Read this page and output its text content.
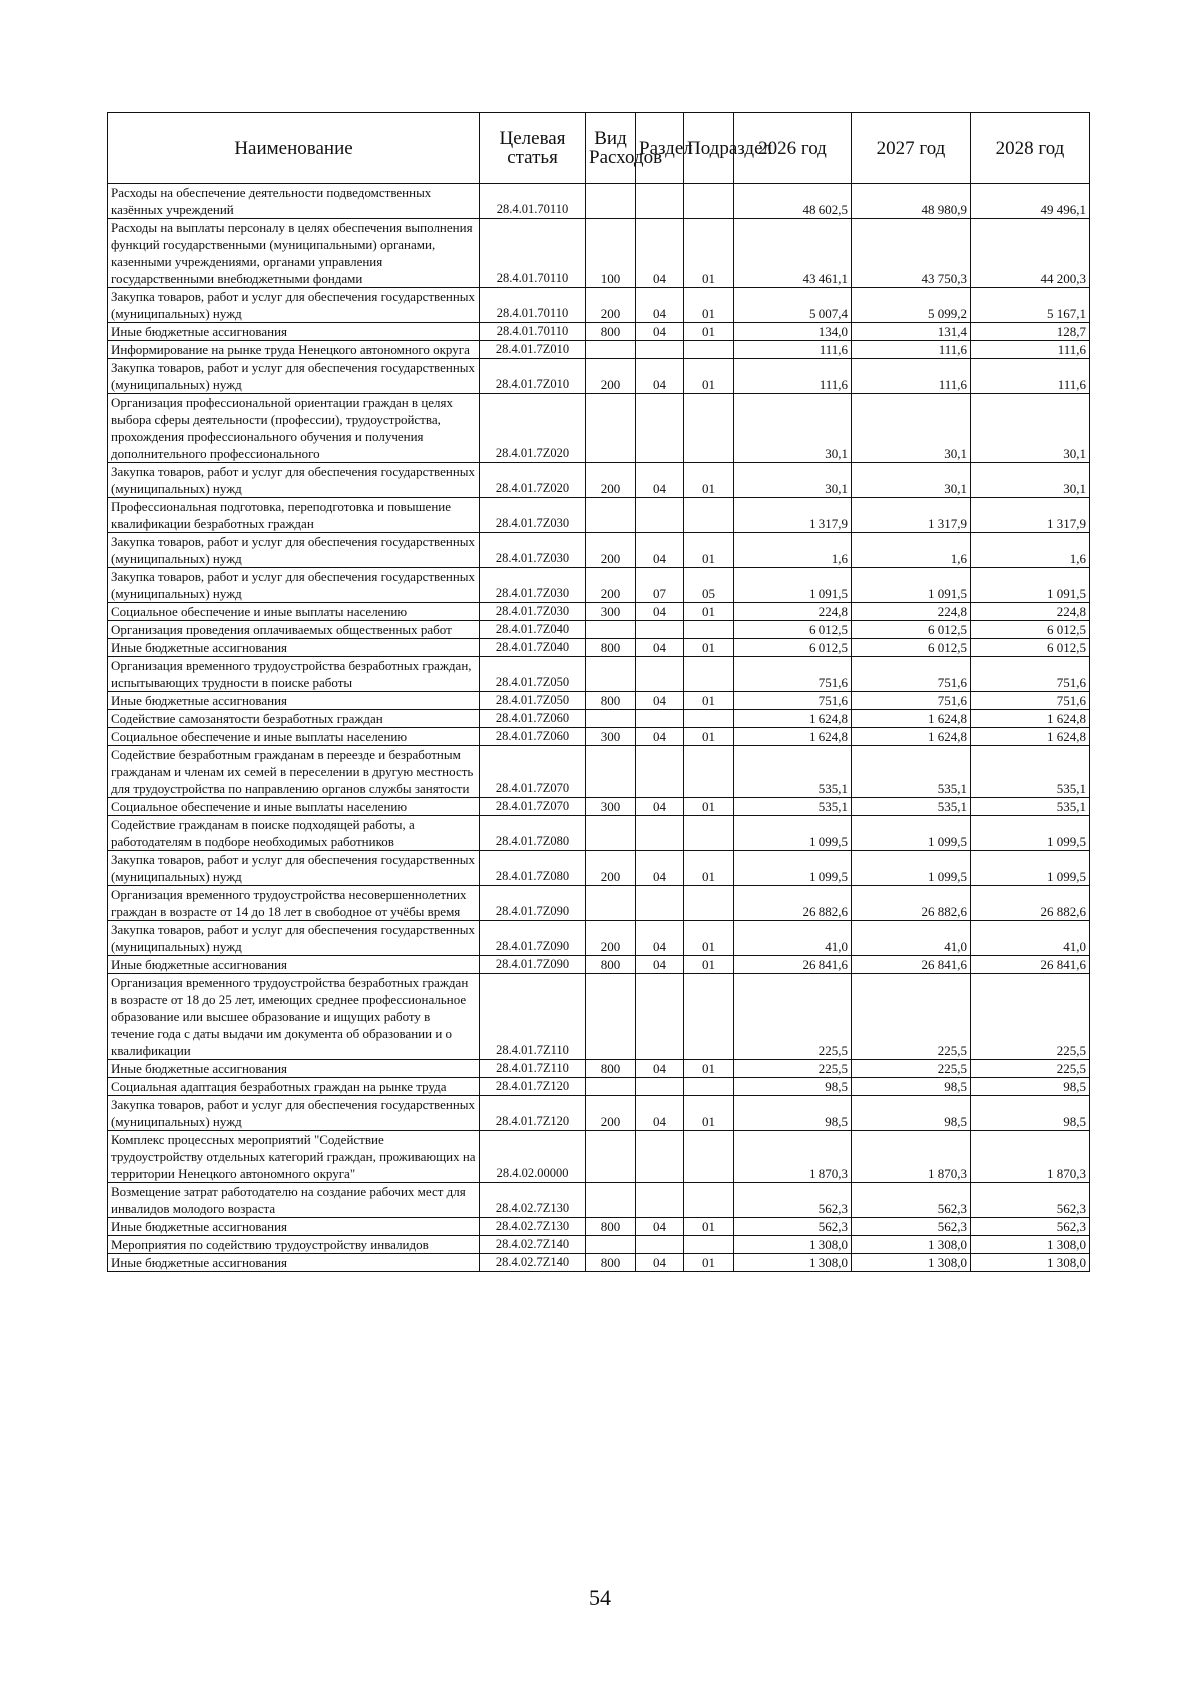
Наименование	Целевая статья	Вид Расходов	Раздел	Подраздел	2026 год	2027 год	2028 год
Расходы на обеспечение деятельности подведомственных казённых учреждений	28.4.01.70110				48 602,5	48 980,9	49 496,1
Расходы на выплаты персоналу в целях обеспечения выполнения функций государственными (муниципальными) органами, казенными учреждениями, органами управления государственными внебюджетными фондами	28.4.01.70110	100	04	01	43 461,1	43 750,3	44 200,3
Закупка товаров, работ и услуг для обеспечения государственных (муниципальных) нужд	28.4.01.70110	200	04	01	5 007,4	5 099,2	5 167,1
Иные бюджетные ассигнования	28.4.01.70110	800	04	01	134,0	131,4	128,7
Информирование на рынке труда Ненецкого автономного округа	28.4.01.7Z010				111,6	111,6	111,6
Закупка товаров, работ и услуг для обеспечения государственных (муниципальных) нужд	28.4.01.7Z010	200	04	01	111,6	111,6	111,6
Организация профессиональной ориентации граждан в целях выбора сферы деятельности (профессии), трудоустройства, прохождения профессионального обучения и получения дополнительного профессионального	28.4.01.7Z020				30,1	30,1	30,1
Закупка товаров, работ и услуг для обеспечения государственных (муниципальных) нужд	28.4.01.7Z020	200	04	01	30,1	30,1	30,1
Профессиональная подготовка, переподготовка и повышение квалификации безработных граждан	28.4.01.7Z030				1 317,9	1 317,9	1 317,9
Закупка товаров, работ и услуг для обеспечения государственных (муниципальных) нужд	28.4.01.7Z030	200	04	01	1,6	1,6	1,6
Закупка товаров, работ и услуг для обеспечения государственных (муниципальных) нужд	28.4.01.7Z030	200	07	05	1 091,5	1 091,5	1 091,5
Социальное обеспечение и иные выплаты населению	28.4.01.7Z030	300	04	01	224,8	224,8	224,8
Организация проведения оплачиваемых общественных работ	28.4.01.7Z040				6 012,5	6 012,5	6 012,5
Иные бюджетные ассигнования	28.4.01.7Z040	800	04	01	6 012,5	6 012,5	6 012,5
Организация временного трудоустройства безработных граждан, испытывающих трудности в поиске работы	28.4.01.7Z050				751,6	751,6	751,6
Иные бюджетные ассигнования	28.4.01.7Z050	800	04	01	751,6	751,6	751,6
Содействие самозанятости безработных граждан	28.4.01.7Z060				1 624,8	1 624,8	1 624,8
Социальное обеспечение и иные выплаты населению	28.4.01.7Z060	300	04	01	1 624,8	1 624,8	1 624,8
Содействие безработным гражданам в переезде и безработным гражданам и членам их семей в переселении в другую местность для трудоустройства по направлению органов службы занятости	28.4.01.7Z070				535,1	535,1	535,1
Социальное обеспечение и иные выплаты населению	28.4.01.7Z070	300	04	01	535,1	535,1	535,1
Содействие гражданам в поиске подходящей работы, а работодателям в подборе необходимых работников	28.4.01.7Z080				1 099,5	1 099,5	1 099,5
Закупка товаров, работ и услуг для обеспечения государственных (муниципальных) нужд	28.4.01.7Z080	200	04	01	1 099,5	1 099,5	1 099,5
Организация временного трудоустройства несовершеннолетних граждан в возрасте от 14 до 18 лет в свободное от учёбы время	28.4.01.7Z090				26 882,6	26 882,6	26 882,6
Закупка товаров, работ и услуг для обеспечения государственных (муниципальных) нужд	28.4.01.7Z090	200	04	01	41,0	41,0	41,0
Иные бюджетные ассигнования	28.4.01.7Z090	800	04	01	26 841,6	26 841,6	26 841,6
Организация временного трудоустройства безработных граждан в возрасте от 18 до 25 лет, имеющих среднее профессиональное образование или высшее образование и ищущих работу в течение года с даты выдачи им документа об образовании и о квалификации	28.4.01.7Z110				225,5	225,5	225,5
Иные бюджетные ассигнования	28.4.01.7Z110	800	04	01	225,5	225,5	225,5
Социальная адаптация безработных граждан на рынке труда	28.4.01.7Z120				98,5	98,5	98,5
Закупка товаров, работ и услуг для обеспечения государственных (муниципальных) нужд	28.4.01.7Z120	200	04	01	98,5	98,5	98,5
Комплекс процессных мероприятий "Содействие трудоустройству отдельных категорий граждан, проживающих на территории Ненецкого автономного округа"	28.4.02.00000				1 870,3	1 870,3	1 870,3
Возмещение затрат работодателю на создание рабочих мест для инвалидов молодого возраста	28.4.02.7Z130				562,3	562,3	562,3
Иные бюджетные ассигнования	28.4.02.7Z130	800	04	01	562,3	562,3	562,3
Мероприятия по содействию трудоустройству инвалидов	28.4.02.7Z140				1 308,0	1 308,0	1 308,0
Иные бюджетные ассигнования	28.4.02.7Z140	800	04	01	1 308,0	1 308,0	1 308,0
54
